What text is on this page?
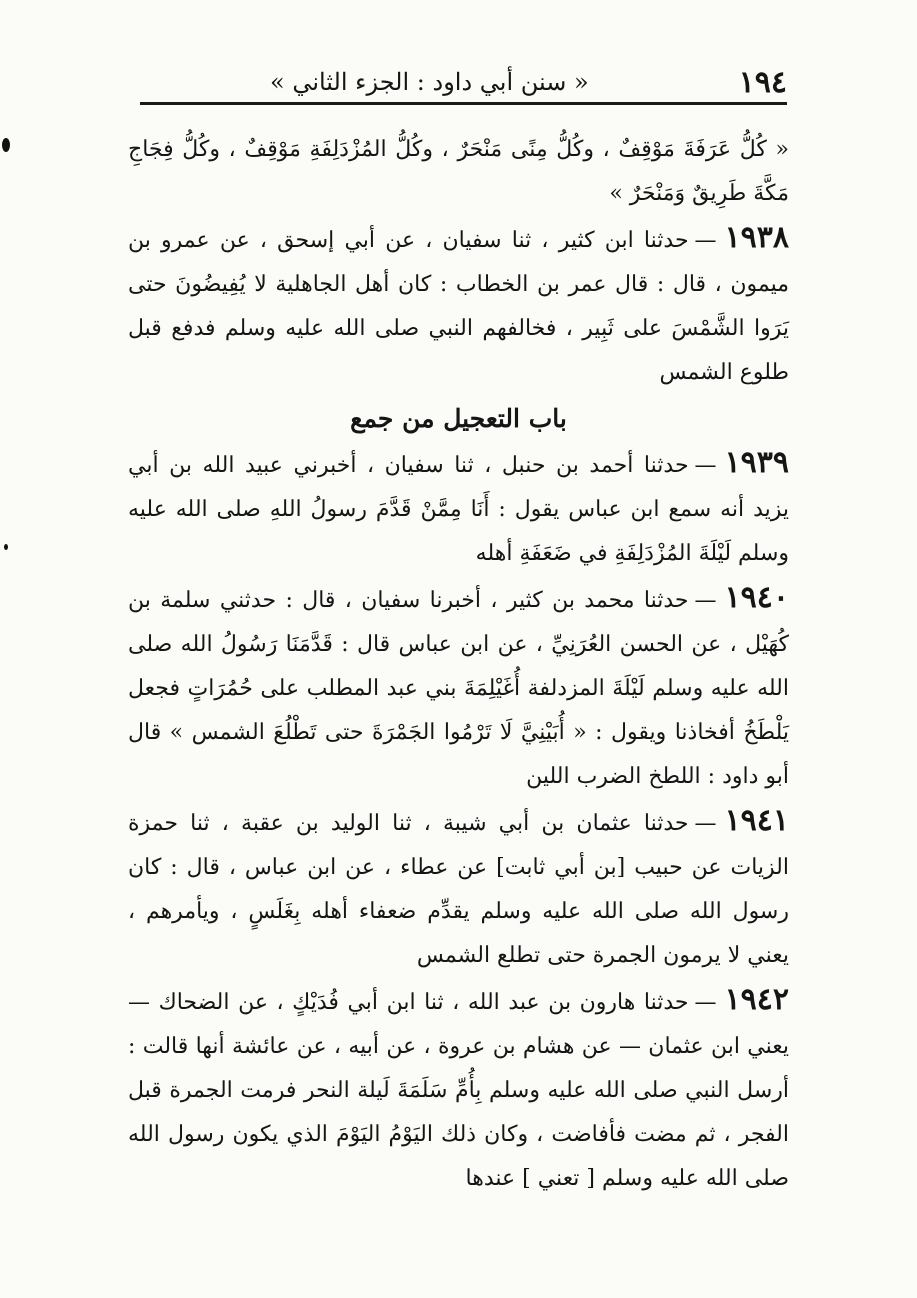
١٩٤
« سنن أبي داود : الجزء الثاني »

« كُلُّ عَرَفَةَ مَوْقِفٌ ، وكُلُّ مِنًى مَنْحَرٌ ، وكُلُّ المُزْدَلِفَةِ مَوْقِفٌ ، وكُلُّ فِجَاجِ مَكَّةَ طَرِيقٌ وَمَنْحَرٌ »

١٩٣٨—حدثنا ابن كثير ، ثنا سفيان ، عن أبي إسحق ، عن عمرو بن ميمون ، قال : قال عمر بن الخطاب : كان أهل الجاهلية لا يُفِيضُونَ حتى يَرَوا الشَّمْسَ على ثَبِير ، فخالفهم النبي صلى الله عليه وسلم فدفع قبل طلوع الشمس

باب التعجيل من جمع

١٩٣٩—حدثنا أحمد بن حنبل ، ثنا سفيان ، أخبرني عبيد الله بن أبي يزيد أنه سمع ابن عباس يقول : أَنَا مِمَّنْ قَدَّمَ رسولُ اللهِ صلى الله عليه وسلم لَيْلَةَ المُزْدَلِفَةِ في ضَعَفَةِ أهله

١٩٤٠—حدثنا محمد بن كثير ، أخبرنا سفيان ، قال : حدثني سلمة بن كُهَيْل ، عن الحسن العُرَنِيِّ ، عن ابن عباس قال : قَدَّمَنَا رَسُولُ الله صلى الله عليه وسلم لَيْلَةَ المزدلفة أُغَيْلِمَةَ بني عبد المطلب على حُمُرَاتٍ فجعل يَلْطَخُ أفخاذنا ويقول : « أُبَيْنِيَّ لَا تَرْمُوا الجَمْرَةَ حتى تَطْلُعَ الشمس » قال أبو داود : اللطخ الضرب اللين

١٩٤١—حدثنا عثمان بن أبي شيبة ، ثنا الوليد بن عقبة ، ثنا حمزة الزيات عن حبيب [بن أبي ثابت] عن عطاء ، عن ابن عباس ، قال : كان رسول الله صلى الله عليه وسلم يقدِّم ضعفاء أهله بِغَلَسٍ ، ويأمرهم ، يعني لا يرمون الجمرة حتى تطلع الشمس

١٩٤٢—حدثنا هارون بن عبد الله ، ثنا ابن أبي فُدَيْكٍ ، عن الضحاك — يعني ابن عثمان — عن هشام بن عروة ، عن أبيه ، عن عائشة أنها قالت : أرسل النبي صلى الله عليه وسلم بِأُمِّ سَلَمَةَ لَيلة النحر فرمت الجمرة قبل الفجر ، ثم مضت فأفاضت ، وكان ذلك اليَوْمُ اليَوْمَ الذي يكون رسول الله صلى الله عليه وسلم [ تعني ] عندها
